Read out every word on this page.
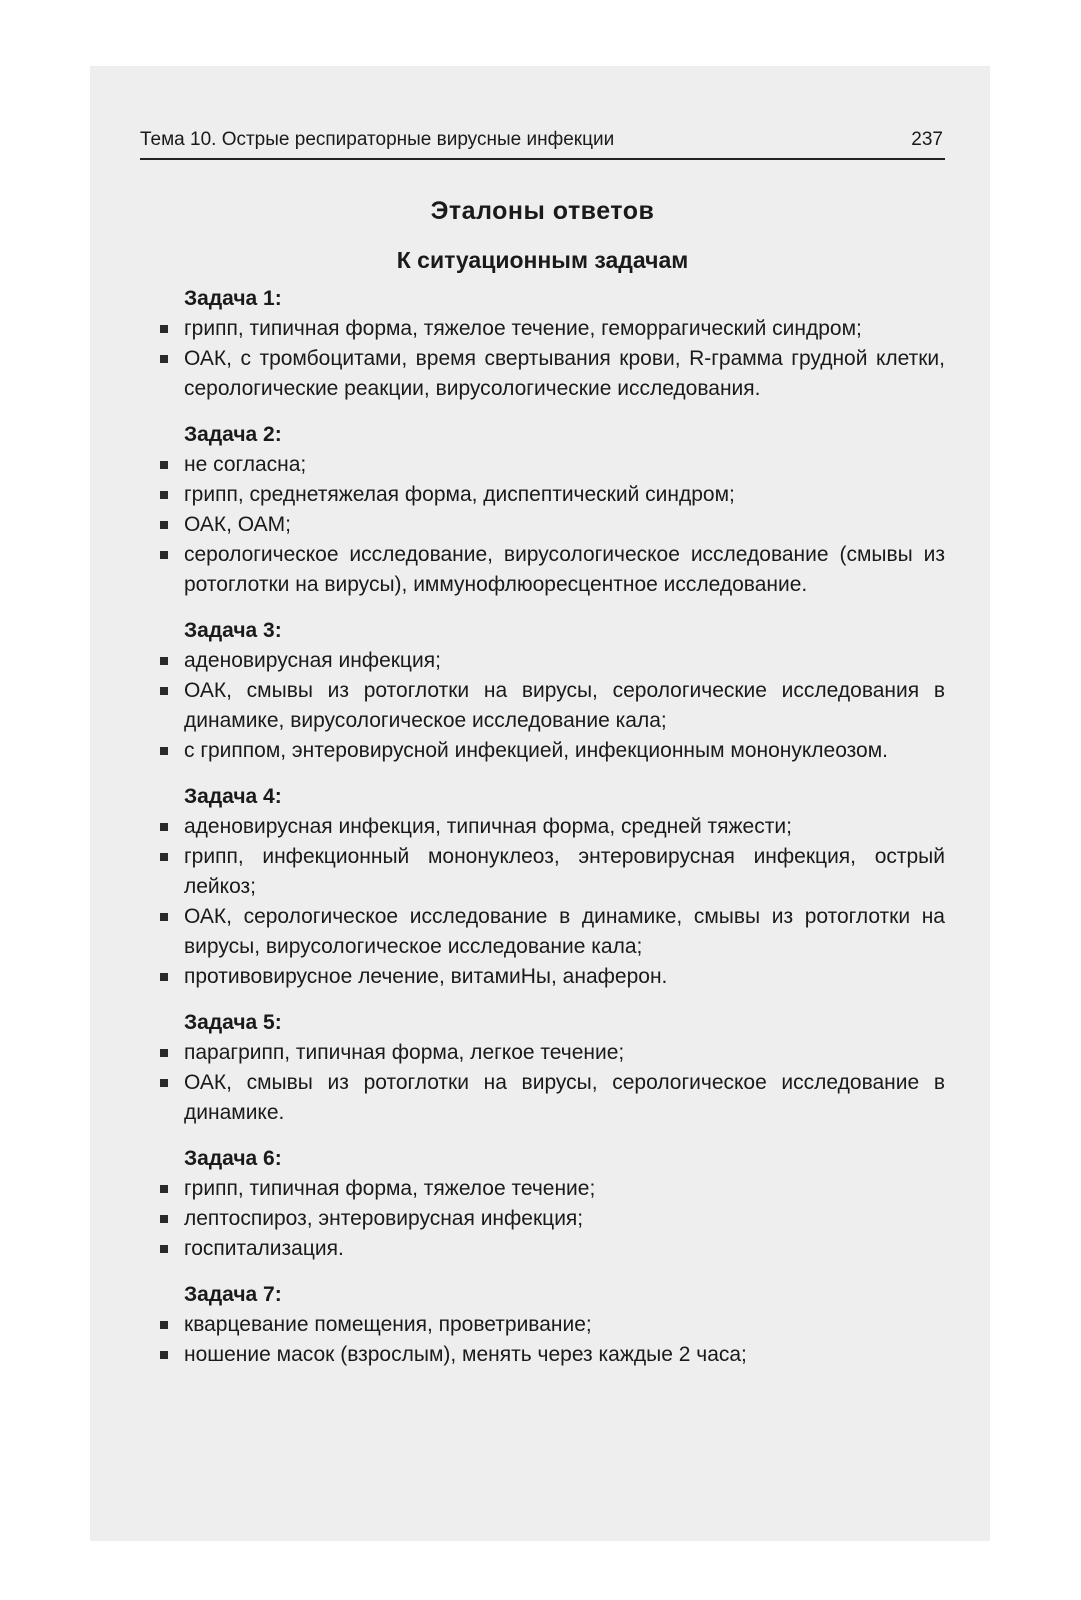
Тема 10. Острые респираторные вирусные инфекции	237
Эталоны ответов
К ситуационным задачам
Задача 1:
грипп, типичная форма, тяжелое течение, геморрагический синдром;
ОАК, с тромбоцитами, время свертывания крови, R-грамма грудной клетки, серологические реакции, вирусологические исследования.
Задача 2:
не согласна;
грипп, среднетяжелая форма, диспептический синдром;
ОАК, ОАМ;
серологическое исследование, вирусологическое исследование (смывы из ротоглотки на вирусы), иммунофлюоресцентное исследование.
Задача 3:
аденовирусная инфекция;
ОАК, смывы из ротоглотки на вирусы, серологические исследования в динамике, вирусологическое исследование кала;
с гриппом, энтеровирусной инфекцией, инфекционным мононуклеозом.
Задача 4:
аденовирусная инфекция, типичная форма, средней тяжести;
грипп, инфекционный мононуклеоз, энтеровирусная инфекция, острый лейкоз;
ОАК, серологическое исследование в динамике, смывы из ротоглотки на вирусы, вирусологическое исследование кала;
противовирусное лечение, витамиНы, анаферон.
Задача 5:
парагрипп, типичная форма, легкое течение;
ОАК, смывы из ротоглотки на вирусы, серологическое исследование в динамике.
Задача 6:
грипп, типичная форма, тяжелое течение;
лептоспироз, энтеровирусная инфекция;
госпитализация.
Задача 7:
кварцевание помещения, проветривание;
ношение масок (взрослым), менять через каждые 2 часа;
